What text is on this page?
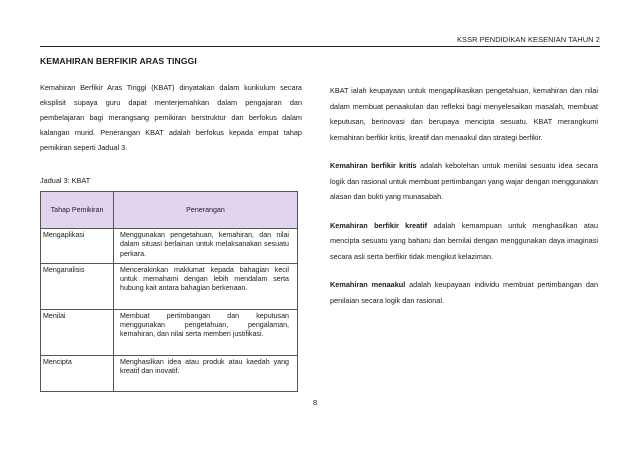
KSSR PENDIDIKAN KESENIAN TAHUN 2
KEMAHIRAN BERFIKIR ARAS TINGGI

Kemahiran Berfikir Aras Tinggi (KBAT) dinyatakan dalam kurikulum secara eksplisit supaya guru dapat menterjemahkan dalam pengajaran dan pembelajaran bagi merangsang pemikiran berstruktur dan berfokus dalam kalangan murid. Penerangan KBAT adalah berfokus kepada empat tahap pemikiran seperti Jadual 3.

Jadual 3: KBAT
Tahap Pemikiran	Penerangan
Mengaplikasi	Menggunakan pengetahuan, kemahiran, dan nilai dalam situasi berlainan untuk melaksanakan sesuatu perkara.
Menganalisis	Mencerakinkan maklumat kepada bahagian kecil untuk memahami dengan lebih mendalam serta hubung kait antara bahagian berkenaan.
Menilai	Membuat pertimbangan dan keputusan menggunakan pengetahuan, pengalaman, kemahiran, dan nilai serta memberi justifikasi.
Mencipta	Menghasilkan idea atau produk atau kaedah yang kreatif dan inovatif.

KBAT ialah keupayaan untuk mengaplikasikan pengetahuan, kemahiran dan nilai dalam membuat penaakulan dan refleksi bagi menyelesaikan masalah, membuat keputusan, berinovasi dan berupaya mencipta sesuatu. KBAT merangkumi kemahiran berfikir kritis, kreatif dan menaakul dan strategi berfikir.

Kemahiran berfikir kritis adalah kebolehan untuk menilai sesuatu idea secara logik dan rasional untuk membuat pertimbangan yang wajar dengan menggunakan alasan dan bukti yang munasabah.

Kemahiran berfikir kreatif adalah kemampuan untuk menghasilkan atau mencipta sesuatu yang baharu dan bernilai dengan menggunakan daya imaginasi secara asli serta berfikir tidak mengikut kelaziman.

Kemahiran menaakul adalah keupayaan individu membuat pertimbangan dan penilaian secara logik dan rasional.

8
